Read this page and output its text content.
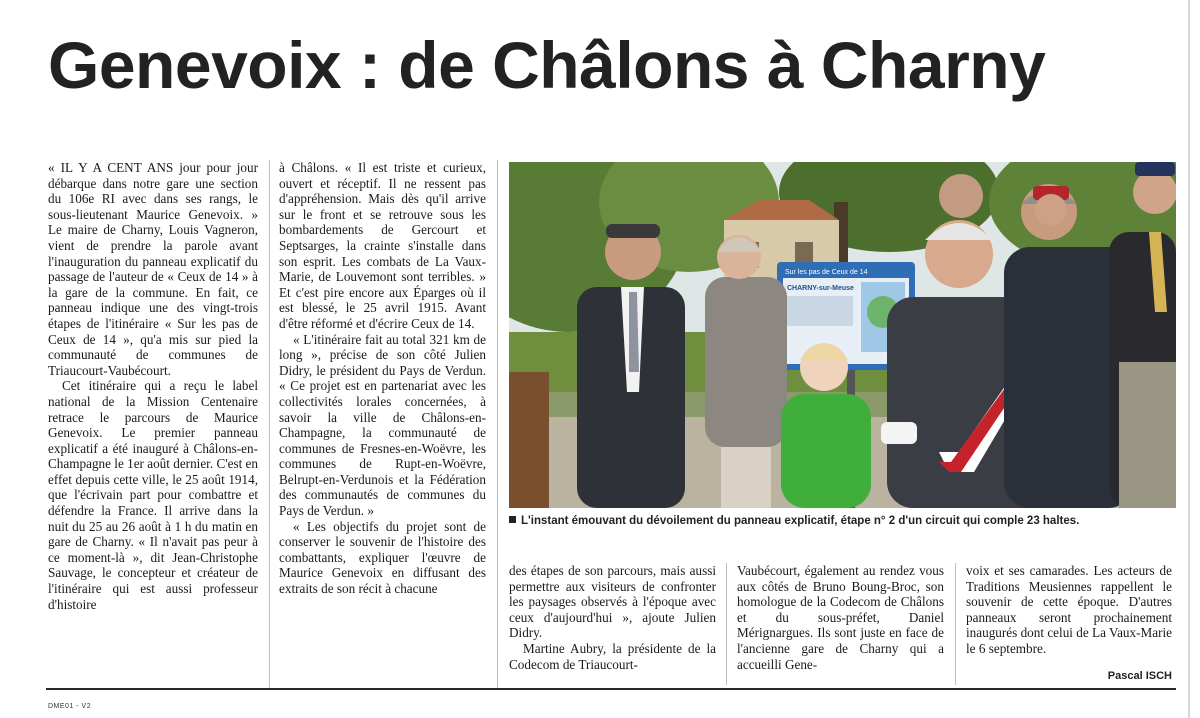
Genevoix : de Châlons à Charny

« IL Y A CENT ANS jour pour jour débarque dans notre gare une section du 106e RI avec dans ses rangs, le sous-lieutenant Maurice Genevoix. » Le maire de Charny, Louis Vagneron, vient de prendre la parole avant l'inauguration du panneau explicatif du passage de l'auteur de « Ceux de 14 » à la gare de la commune. En fait, ce panneau indique une des vingt-trois étapes de l'itinéraire « Sur les pas de Ceux de 14 », qu'a mis sur pied la communauté de communes de Triaucourt-Vaubécourt.

Cet itinéraire qui a reçu le label national de la Mission Centenaire retrace le parcours de Maurice Genevoix. Le premier panneau explicatif a été inauguré à Châlons-en-Champagne le 1er août dernier. C'est en effet depuis cette ville, le 25 août 1914, que l'écrivain part pour combattre et défendre la France. Il arrive dans la nuit du 25 au 26 août à 1 h du matin en gare de Charny. « Il n'avait pas peur à ce moment-là », dit Jean-Christophe Sauvage, le concepteur et créateur de l'itinéraire qui est aussi professeur d'histoire

à Châlons. « Il est triste et curieux, ouvert et réceptif. Il ne ressent pas d'appréhension. Mais dès qu'il arrive sur le front et se retrouve sous les bombardements de Gercourt et Septsarges, la crainte s'installe dans son esprit. Les combats de La Vaux-Marie, de Louvemont sont terribles. » Et c'est pire encore aux Éparges où il est blessé, le 25 avril 1915. Avant d'être réformé et d'écrire Ceux de 14.

« L'itinéraire fait au total 321 km de long », précise de son côté Julien Didry, le président du Pays de Verdun. « Ce projet est en partenariat avec les collectivités lorales concernées, à savoir la ville de Châlons-en-Champagne, la communauté de communes de Fresnes-en-Woëvre, les communes de Rupt-en-Woëvre, Belrupt-en-Verdunois et la Fédération des communautés de communes du Pays de Verdun. »

« Les objectifs du projet sont de conserver le souvenir de l'histoire des combattants, expliquer l'œuvre de Maurice Genevoix en diffusant des extraits de son récit à chacune

Sur les pas de Ceux de 14
CHARNY-sur-Meuse
L'instant émouvant du dévoilement du panneau explicatif, étape n° 2 d'un circuit qui comple 23 haltes.

des étapes de son parcours, mais aussi permettre aux visiteurs de confronter les paysages observés à l'époque avec ceux d'aujourd'hui », ajoute Julien Didry.

Martine Aubry, la présidente de la Codecom de Triaucourt-

Vaubécourt, également au rendez vous aux côtés de Bruno Boung-Broc, son homologue de la Codecom de Châlons et du sous-préfet, Daniel Mérignargues. Ils sont juste en face de l'ancienne gare de Charny qui a accueilli Gene-

voix et ses camarades. Les acteurs de Traditions Meusiennes rappellent le souvenir de cette époque. D'autres panneaux seront prochainement inaugurés dont celui de La Vaux-Marie le 6 septembre.

Pascal ISCH
DME01 - V2
